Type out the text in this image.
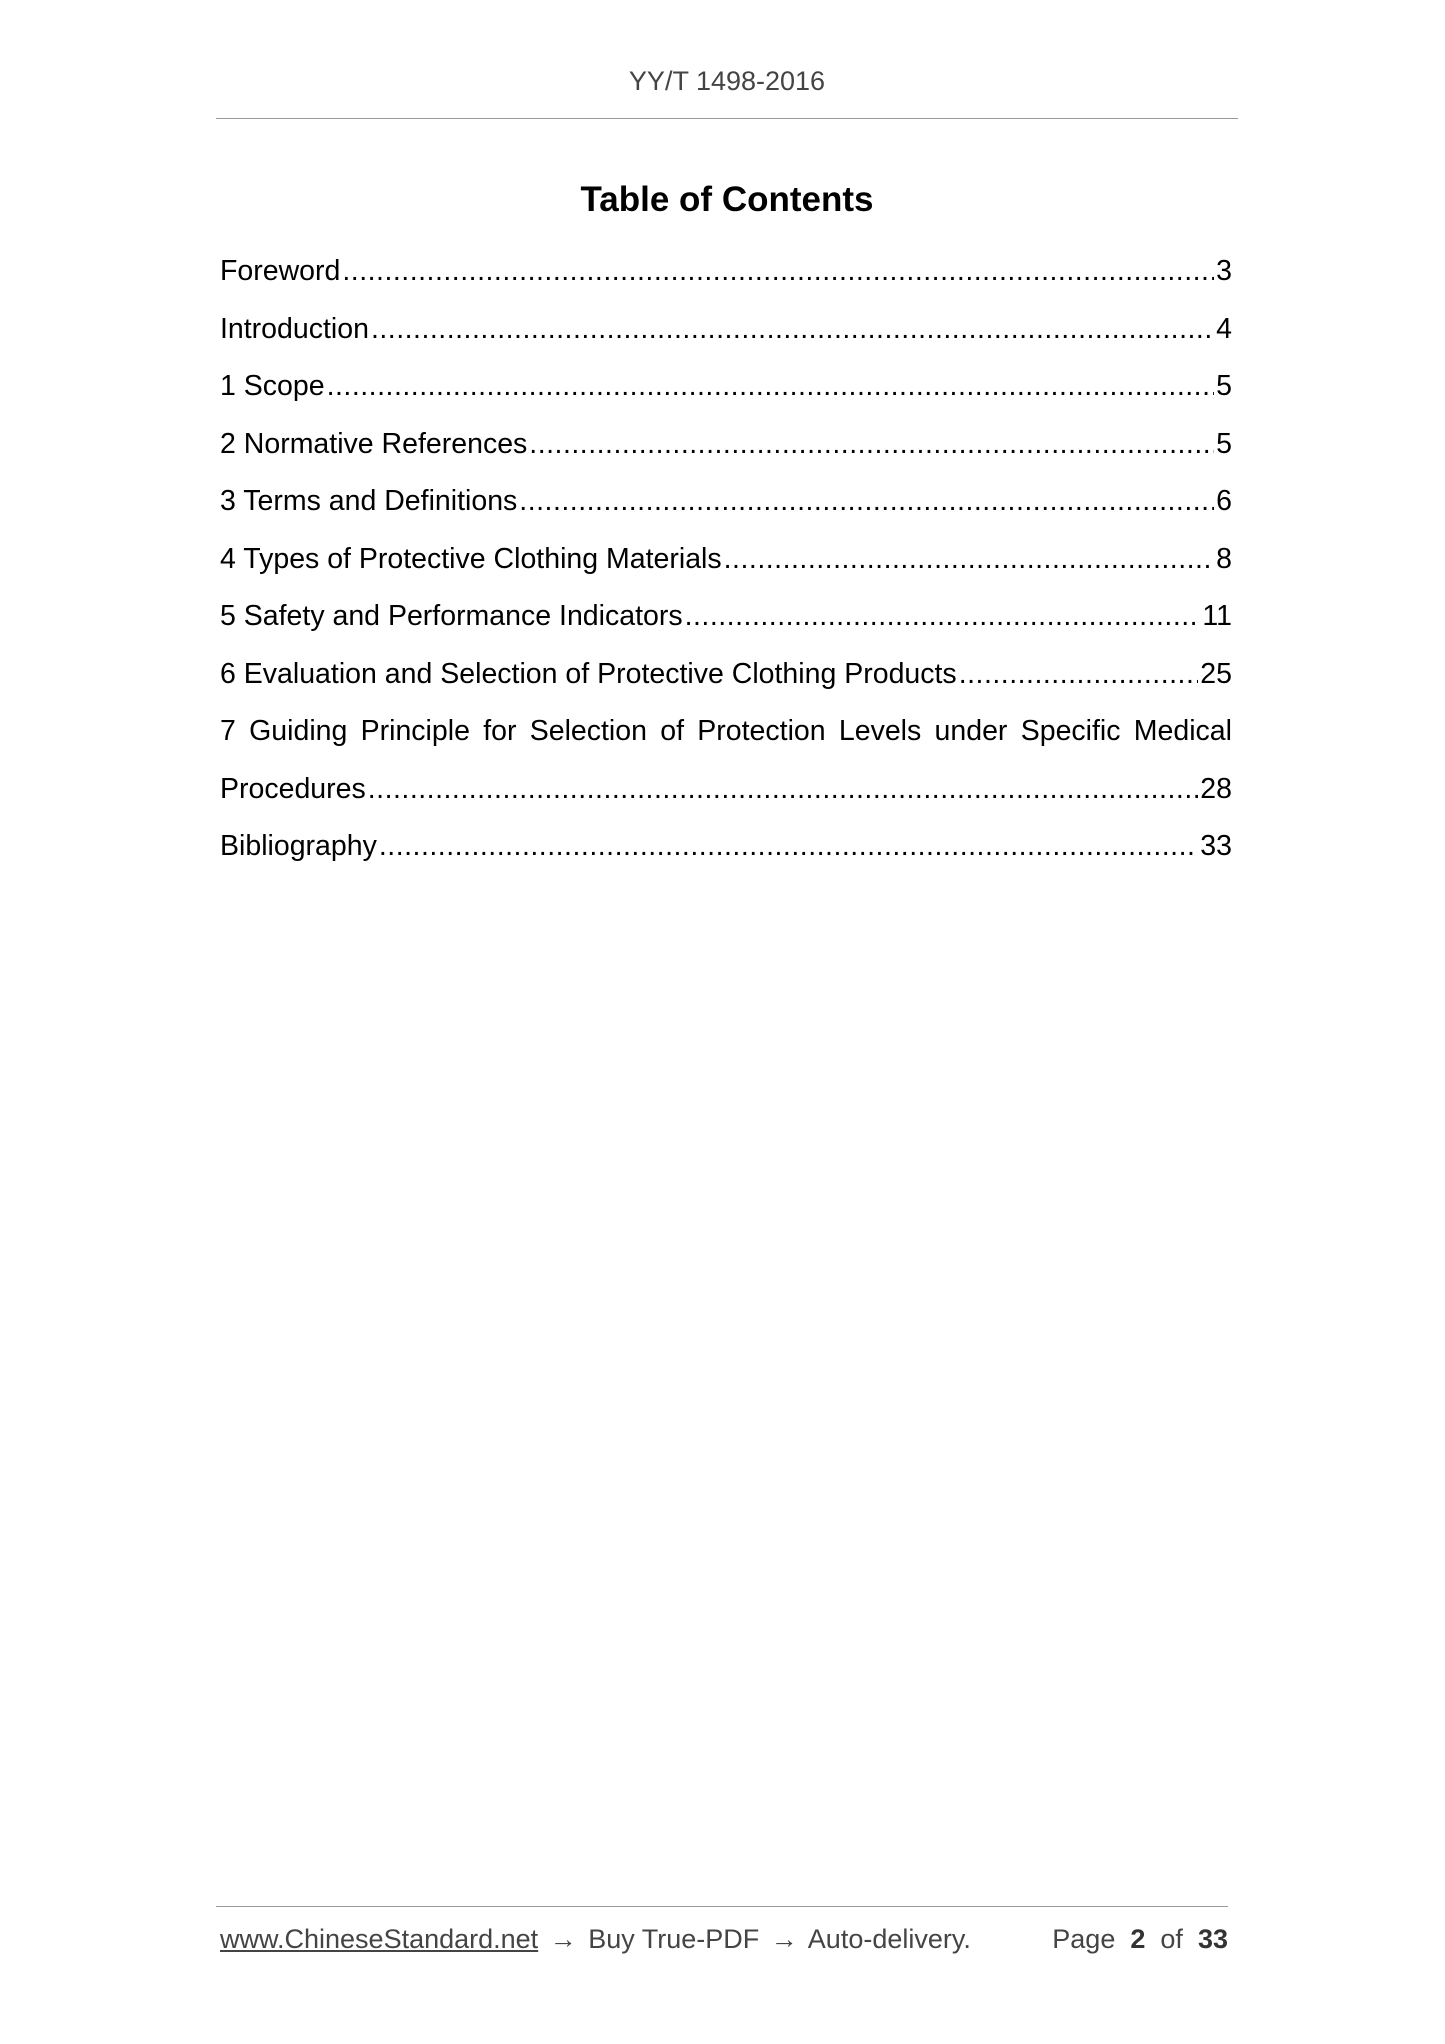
YY/T 1498-2016
Table of Contents
Foreword .....	3
Introduction .....	4
1 Scope .....	5
2 Normative References .....	5
3 Terms and Definitions .....	6
4 Types of Protective Clothing Materials .....	8
5 Safety and Performance Indicators .....	11
6 Evaluation and Selection of Protective Clothing Products .....	25
7 Guiding Principle for Selection of Protection Levels under Specific Medical
Procedures .....	28
Bibliography .....	33
www.ChineseStandard.net → Buy True-PDF → Auto-delivery.	Page 2 of 33
